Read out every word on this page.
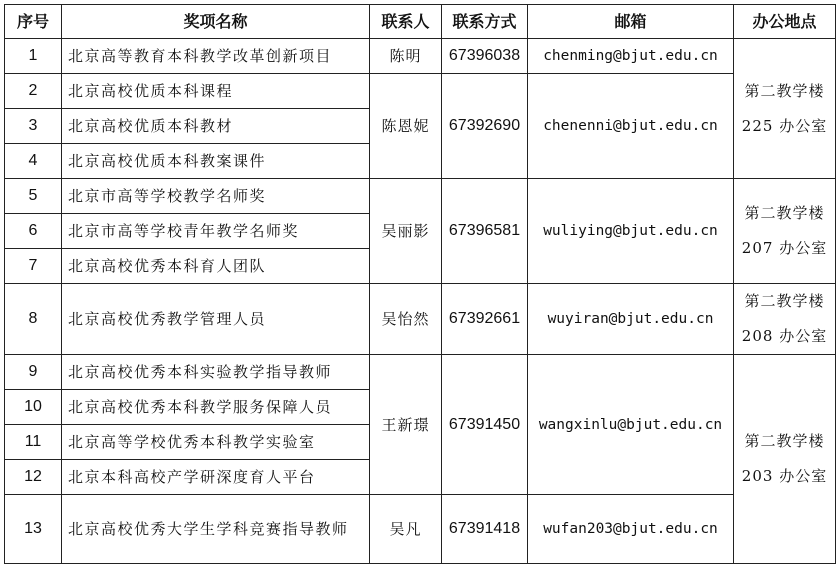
序号	奖项名称	联系人	联系方式	邮箱	办公地点
1	北京高等教育本科教学改革创新项目	陈明	67396038	chenming@bjut.edu.cn	第二教学楼
225 办公室

2	北京高校优质本科课程	陈恩妮	67392690	chenenni@bjut.edu.cn	
3	北京高校优质本科教材				
4	北京高校优质本科教案课件				
5	北京市高等学校教学名师奖	吴丽影	67396581	wuliying@bjut.edu.cn	第二教学楼
207 办公室

6	北京市高等学校青年教学名师奖				
7	北京高校优秀本科育人团队				
8	北京高校优秀教学管理人员	吴怡然	67392661	wuyiran@bjut.edu.cn	第二教学楼
208 办公室

9	北京高校优秀本科实验教学指导教师	王新璟	67391450	wangxinlu@bjut.edu.cn	第二教学楼
203 办公室

10	北京高校优秀本科教学服务保障人员				
11	北京高等学校优秀本科教学实验室				
12	北京本科高校产学研深度育人平台				
13	北京高校优秀大学生学科竞赛指导教师	吴凡	67391418	wufan203@bjut.edu.cn	
